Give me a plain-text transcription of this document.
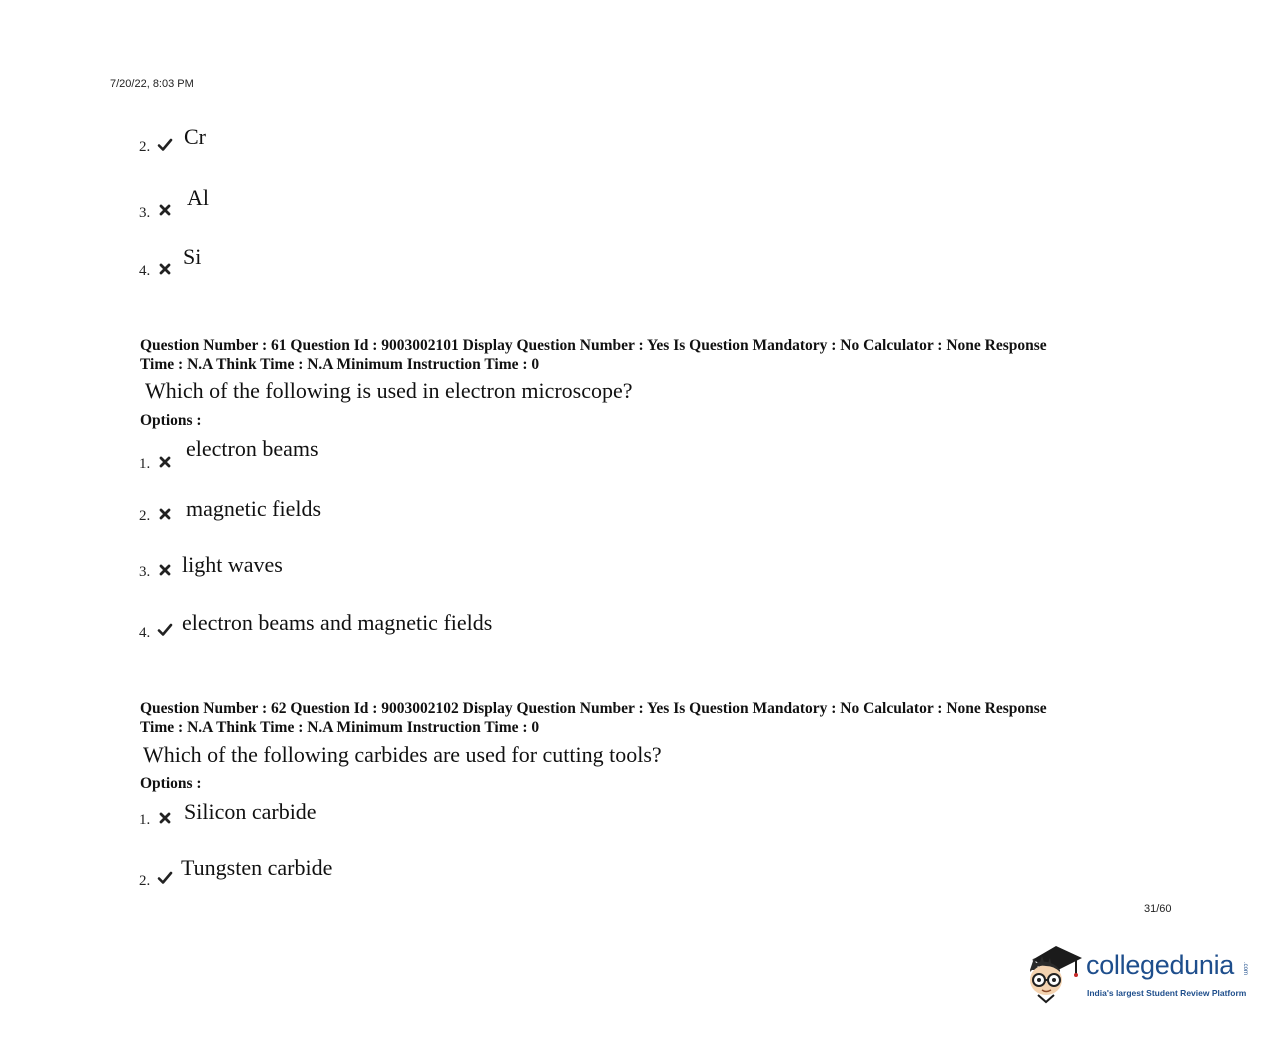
7/20/22, 8:03 PM
2. Cr
3.
Al
4.
Si
Question Number : 61 Question Id : 9003002101 Display Question Number : Yes Is Question Mandatory : No Calculator : None Response
Time : N.A Think Time : N.A Minimum Instruction Time : 0
Which of the following is used in electron microscope?
Options :
1.
electron beams
2. magnetic fields
3. light waves
4. electron beams and magnetic fields
Question Number : 62 Question Id : 9003002102 Display Question Number : Yes Is Question Mandatory : No Calculator : None Response
Time : N.A Think Time : N.A Minimum Instruction Time : 0
Which of the following carbides are used for cutting tools?
Options :
1. Silicon carbide
2.
Tungsten carbide
31/60
collegedunia .com
India's largest Student Review Platform
